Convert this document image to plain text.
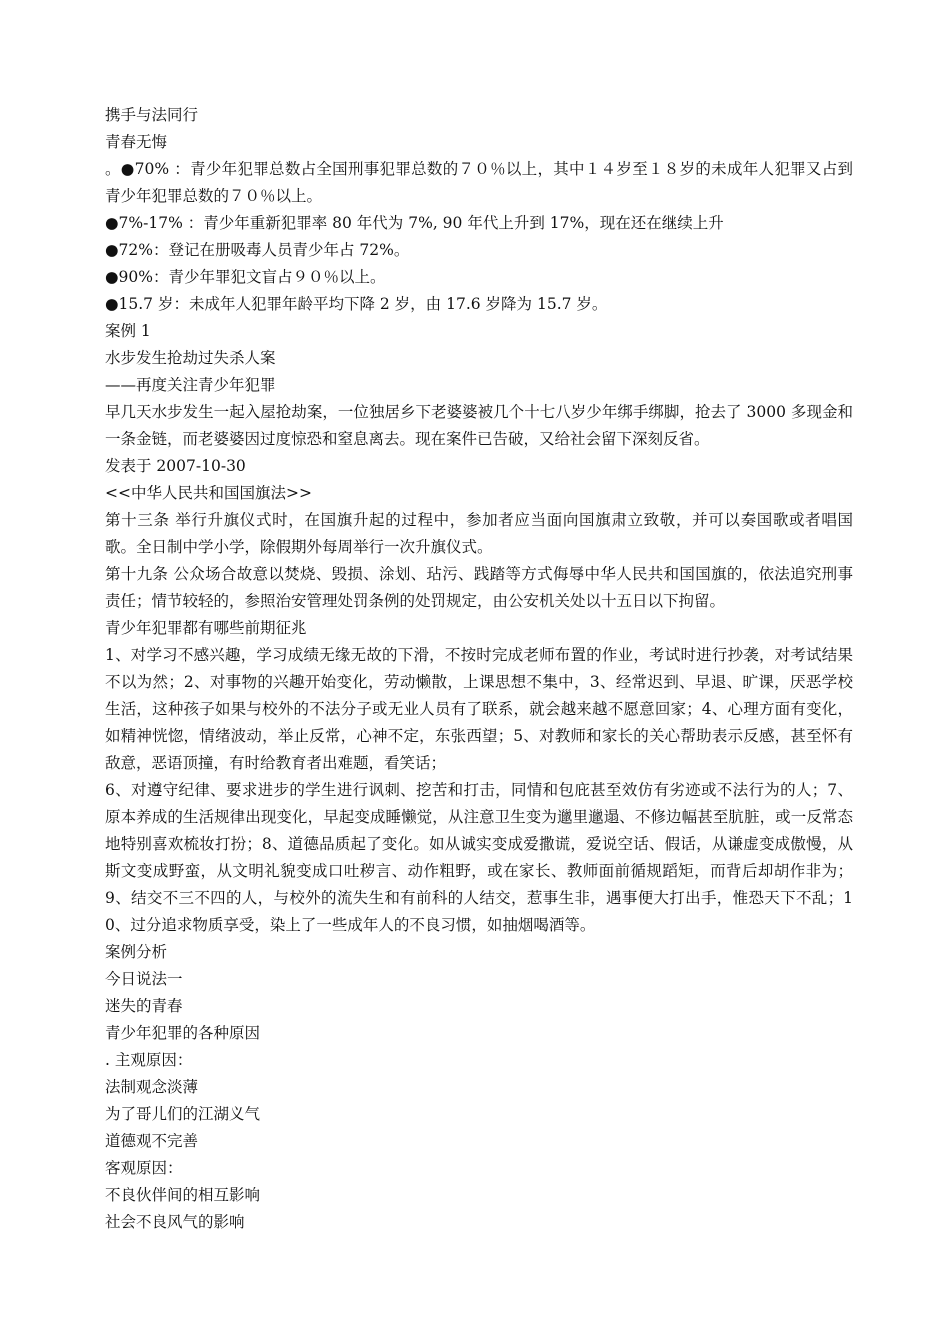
携手与法同行

青春无悔

。●70% ：青少年犯罪总数占全国刑事犯罪总数的７０％以上，其中１４岁至１８岁的未成年人犯罪又占到青少年犯罪总数的７０％以上。

●7%-17% ：青少年重新犯罪率 80 年代为 7%, 90 年代上升到 17%，现在还在继续上升

●72%：登记在册吸毒人员青少年占 72%。

●90%：青少年罪犯文盲占９０％以上。

●15.7 岁：未成年人犯罪年龄平均下降 2 岁，由 17.6 岁降为 15.7 岁。

案例 1

水步发生抢劫过失杀人案

——再度关注青少年犯罪

早几天水步发生一起入屋抢劫案，一位独居乡下老婆婆被几个十七八岁少年绑手绑脚，抢去了 3000 多现金和一条金链，而老婆婆因过度惊恐和窒息离去。现在案件已告破，又给社会留下深刻反省。

发表于 2007-10-30

<<中华人民共和国国旗法>>

第十三条 举行升旗仪式时，在国旗升起的过程中，参加者应当面向国旗肃立致敬，并可以奏国歌或者唱国歌。全日制中学小学，除假期外每周举行一次升旗仪式。

第十九条 公众场合故意以焚烧、毁损、涂划、玷污、践踏等方式侮辱中华人民共和国国旗的，依法追究刑事责任；情节较轻的，参照治安管理处罚条例的处罚规定，由公安机关处以十五日以下拘留。

青少年犯罪都有哪些前期征兆

1、对学习不感兴趣，学习成绩无缘无故的下滑，不按时完成老师布置的作业，考试时进行抄袭，对考试结果不以为然；2、对事物的兴趣开始变化，劳动懒散，上课思想不集中，3、经常迟到、早退、旷课，厌恶学校生活，这种孩子如果与校外的不法分子或无业人员有了联系，就会越来越不愿意回家；4、心理方面有变化，如精神恍惚，情绪波动，举止反常，心神不定，东张西望；5、对教师和家长的关心帮助表示反感，甚至怀有敌意，恶语顶撞，有时给教育者出难题，看笑话；

6、对遵守纪律、要求进步的学生进行讽刺、挖苦和打击，同情和包庇甚至效仿有劣迹或不法行为的人；7、原本养成的生活规律出现变化，早起变成睡懒觉，从注意卫生变为邋里邋遢、不修边幅甚至肮脏，或一反常态地特别喜欢梳妆打扮；8、道德品质起了变化。如从诚实变成爱撒谎，爱说空话、假话，从谦虚变成傲慢，从斯文变成野蛮，从文明礼貌变成口吐秽言、动作粗野，或在家长、教师面前循规蹈矩，而背后却胡作非为；9、结交不三不四的人，与校外的流失生和有前科的人结交，惹事生非，遇事便大打出手，惟恐天下不乱；10、过分追求物质享受，染上了一些成年人的不良习惯，如抽烟喝酒等。

案例分析

今日说法一

迷失的青春

青少年犯罪的各种原因

. 主观原因：

法制观念淡薄

为了哥儿们的江湖义气

道德观不完善

客观原因：

不良伙伴间的相互影响

社会不良风气的影响
